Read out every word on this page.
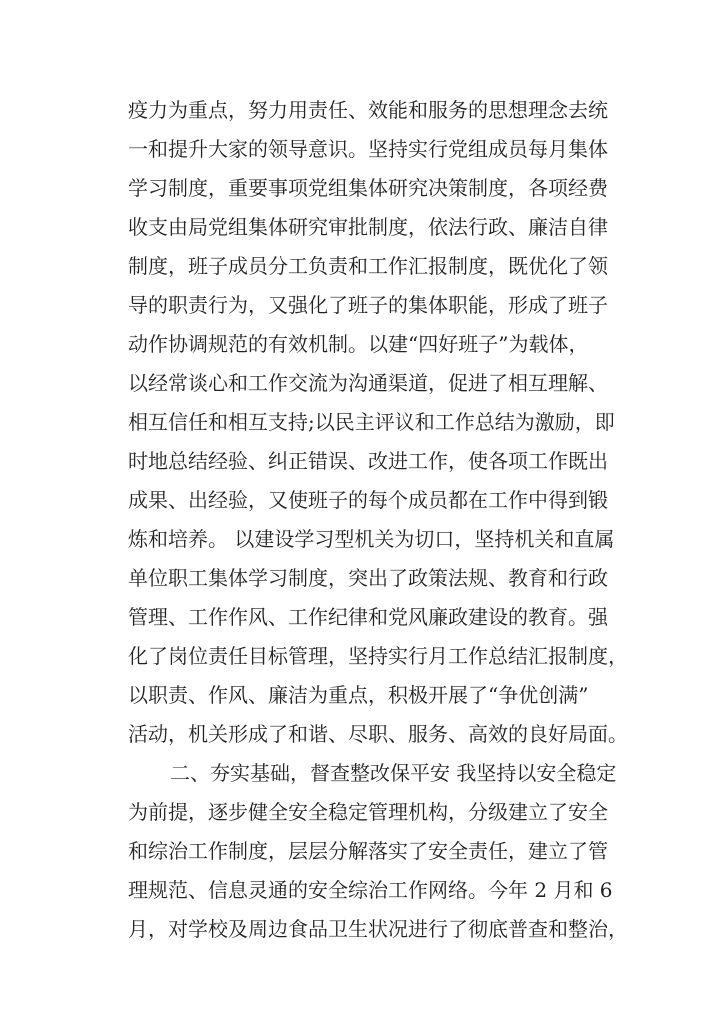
疫力为重点，努力用责任、效能和服务的思想理念去统
一和提升大家的领导意识。坚持实行党组成员每月集体
学习制度，重要事项党组集体研究决策制度，各项经费
收支由局党组集体研究审批制度，依法行政、廉洁自律
制度，班子成员分工负责和工作汇报制度，既优化了领
导的职责行为，又强化了班子的集体职能，形成了班子
动作协调规范的有效机制。以建“四好班子”为载体，
以经常谈心和工作交流为沟通渠道，促进了相互理解、
相互信任和相互支持;以民主评议和工作总结为激励，即
时地总结经验、纠正错误、改进工作，使各项工作既出
成果、出经验，又使班子的每个成员都在工作中得到锻
炼和培养。 以建设学习型机关为切口，坚持机关和直属
单位职工集体学习制度，突出了政策法规、教育和行政
管理、工作作风、工作纪律和党风廉政建设的教育。强
化了岗位责任目标管理，坚持实行月工作总结汇报制度，
以职责、作风、廉洁为重点，积极开展了“争优创满”
活动，机关形成了和谐、尽职、服务、高效的良好局面。
二、夯实基础，督查整改保平安 我坚持以安全稳定
为前提，逐步健全安全稳定管理机构，分级建立了安全
和综治工作制度，层层分解落实了安全责任，建立了管
理规范、信息灵通的安全综治工作网络。今年 2 月和 6
月，对学校及周边食品卫生状况进行了彻底普查和整治，
